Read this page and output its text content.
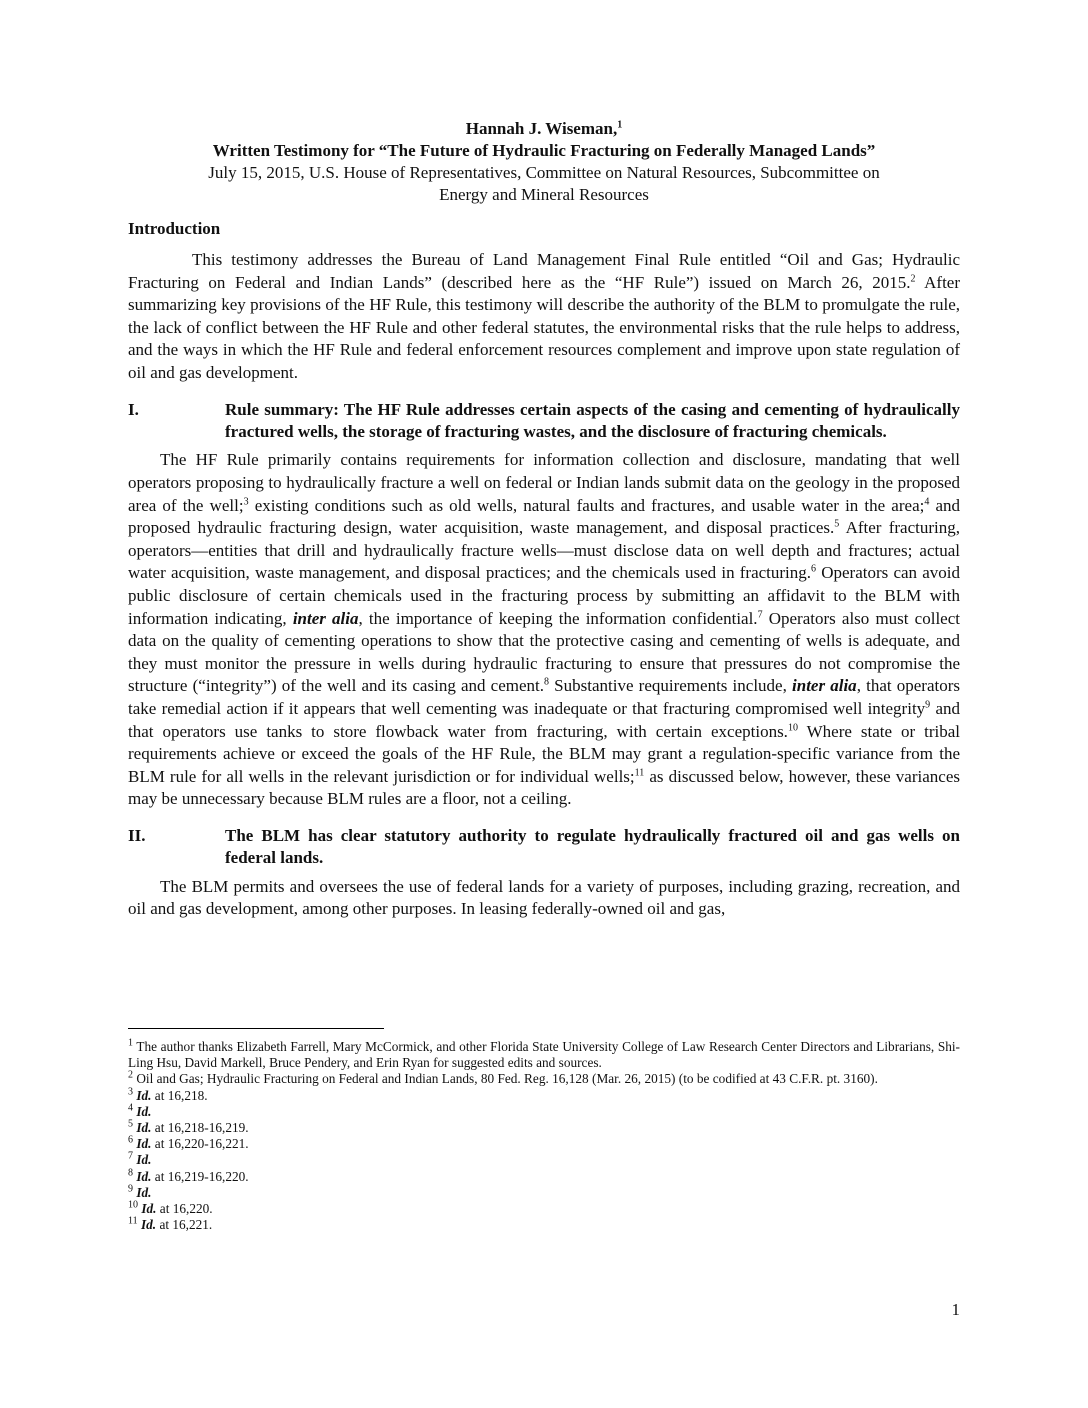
Hannah J. Wiseman,$^1$
Written Testimony for “The Future of Hydraulic Fracturing on Federally Managed Lands”
July 15, 2015, U.S. House of Representatives, Committee on Natural Resources, Subcommittee on
Energy and Mineral Resources
Introduction

This testimony addresses the Bureau of Land Management Final Rule entitled “Oil and Gas; Hydraulic Fracturing on Federal and Indian Lands” (described here as the “HF Rule”) issued on March 26, 2015.$^2$ After summarizing key provisions of the HF Rule, this testimony will describe the authority of the BLM to promulgate the rule, the lack of conflict between the HF Rule and other federal statutes, the environmental risks that the rule helps to address, and the ways in which the HF Rule and federal enforcement resources complement and improve upon state regulation of oil and gas development.

I.	Rule summary: The HF Rule addresses certain aspects of the casing and cementing of hydraulically fractured wells, the storage of fracturing wastes, and the disclosure of fracturing chemicals.

The HF Rule primarily contains requirements for information collection and disclosure, mandating that well operators proposing to hydraulically fracture a well on federal or Indian lands submit data on the geology in the proposed area of the well;$^3$ existing conditions such as old wells, natural faults and fractures, and usable water in the area;$^4$ and proposed hydraulic fracturing design, water acquisition, waste management, and disposal practices.$^5$ After fracturing, operators—entities that drill and hydraulically fracture wells—must disclose data on well depth and fractures; actual water acquisition, waste management, and disposal practices; and the chemicals used in fracturing.$^6$ Operators can avoid public disclosure of certain chemicals used in the fracturing process by submitting an affidavit to the BLM with information indicating, inter alia, the importance of keeping the information confidential.$^7$ Operators also must collect data on the quality of cementing operations to show that the protective casing and cementing of wells is adequate, and they must monitor the pressure in wells during hydraulic fracturing to ensure that pressures do not compromise the structure (“integrity”) of the well and its casing and cement.$^8$ Substantive requirements include, inter alia, that operators take remedial action if it appears that well cementing was inadequate or that fracturing compromised well integrity$^9$ and that operators use tanks to store flowback water from fracturing, with certain exceptions.$^{10}$ Where state or tribal requirements achieve or exceed the goals of the HF Rule, the BLM may grant a regulation-specific variance from the BLM rule for all wells in the relevant jurisdiction or for individual wells;$^{11}$ as discussed below, however, these variances may be unnecessary because BLM rules are a floor, not a ceiling.

II.	The BLM has clear statutory authority to regulate hydraulically fractured oil and gas wells on federal lands.

The BLM permits and oversees the use of federal lands for a variety of purposes, including grazing, recreation, and oil and gas development, among other purposes. In leasing federally-owned oil and gas,

$^1$ The author thanks Elizabeth Farrell, Mary McCormick, and other Florida State University College of Law Research Center Directors and Librarians, Shi-Ling Hsu, David Markell, Bruce Pendery, and Erin Ryan for suggested edits and sources.
$^2$ Oil and Gas; Hydraulic Fracturing on Federal and Indian Lands, 80 Fed. Reg. 16,128 (Mar. 26, 2015) (to be codified at 43 C.F.R. pt. 3160).
$^3$ Id. at 16,218.
$^4$ Id.
$^5$ Id. at 16,218-16,219.
$^6$ Id. at 16,220-16,221.
$^7$ Id.
$^8$ Id. at 16,219-16,220.
$^9$ Id.
$^{10}$ Id. at 16,220.
$^{11}$ Id. at 16,221.
1
